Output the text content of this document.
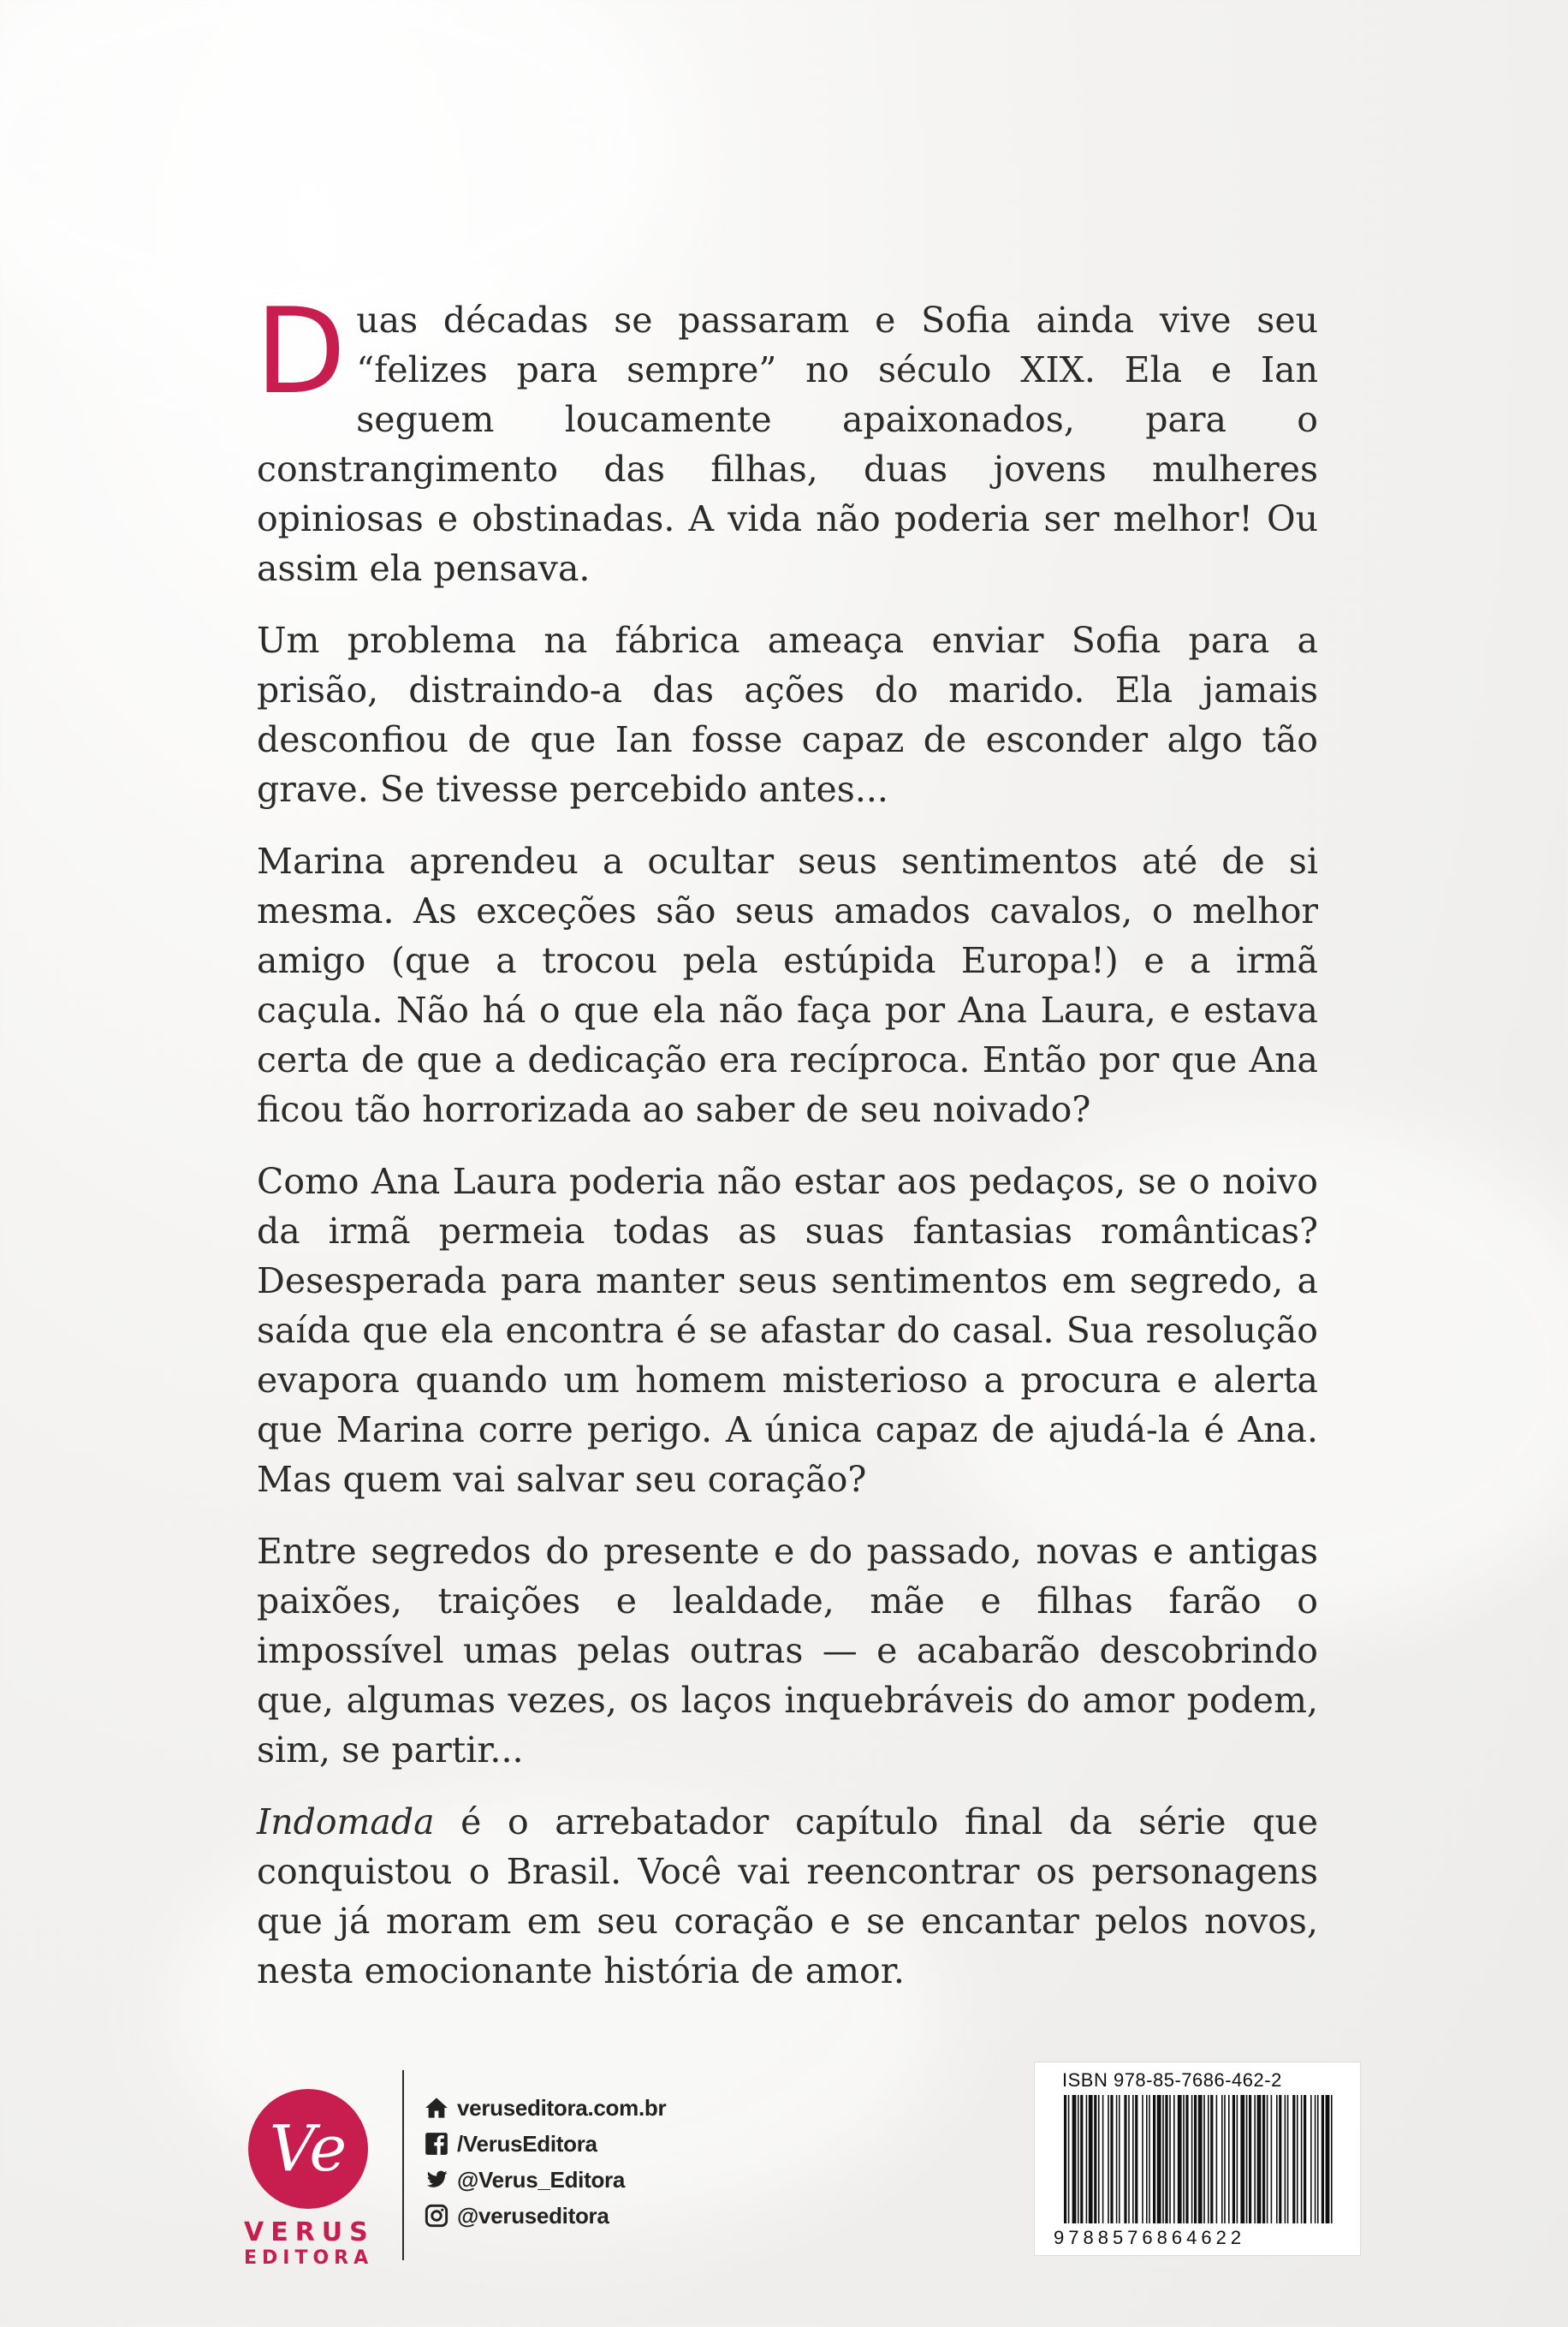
Duas décadas se passaram e Sofia ainda vive seu “felizes para sempre” no século XIX. Ela e Ian seguem loucamente apaixonados, para o constrangimento das filhas, duas jovens mulheres opiniosas e obstinadas. A vida não poderia ser melhor! Ou assim ela pensava.

Um problema na fábrica ameaça enviar Sofia para a prisão, distraindo-a das ações do marido. Ela jamais desconfiou de que Ian fosse capaz de esconder algo tão grave. Se tivesse percebido antes...

Marina aprendeu a ocultar seus sentimentos até de si mesma. As exceções são seus amados cavalos, o melhor amigo (que a trocou pela estúpida Europa!) e a irmã caçula. Não há o que ela não faça por Ana Laura, e estava certa de que a dedicação era recíproca. Então por que Ana ficou tão horrorizada ao saber de seu noivado?

Como Ana Laura poderia não estar aos pedaços, se o noivo da irmã permeia todas as suas fantasias românticas? Desesperada para manter seus sentimentos em segredo, a saída que ela encontra é se afastar do casal. Sua resolução evapora quando um homem misterioso a procura e alerta que Marina corre perigo. A única capaz de ajudá-la é Ana. Mas quem vai salvar seu coração?

Entre segredos do presente e do passado, novas e antigas paixões, traições e lealdade, mãe e filhas farão o impossível umas pelas outras — e acabarão descobrindo que, algumas vezes, os laços inquebráveis do amor podem, sim, se partir...

Indomada é o arrebatador capítulo final da série que conquistou o Brasil. Você vai reencontrar os personagens que já moram em seu coração e se encantar pelos novos, nesta emocionante história de amor.

Ve
VERUS
EDITORA
veruseditora.com.br
/VerusEditora
@Verus_Editora
@veruseditora
ISBN 978-85-7686-462-2
9788576864622
